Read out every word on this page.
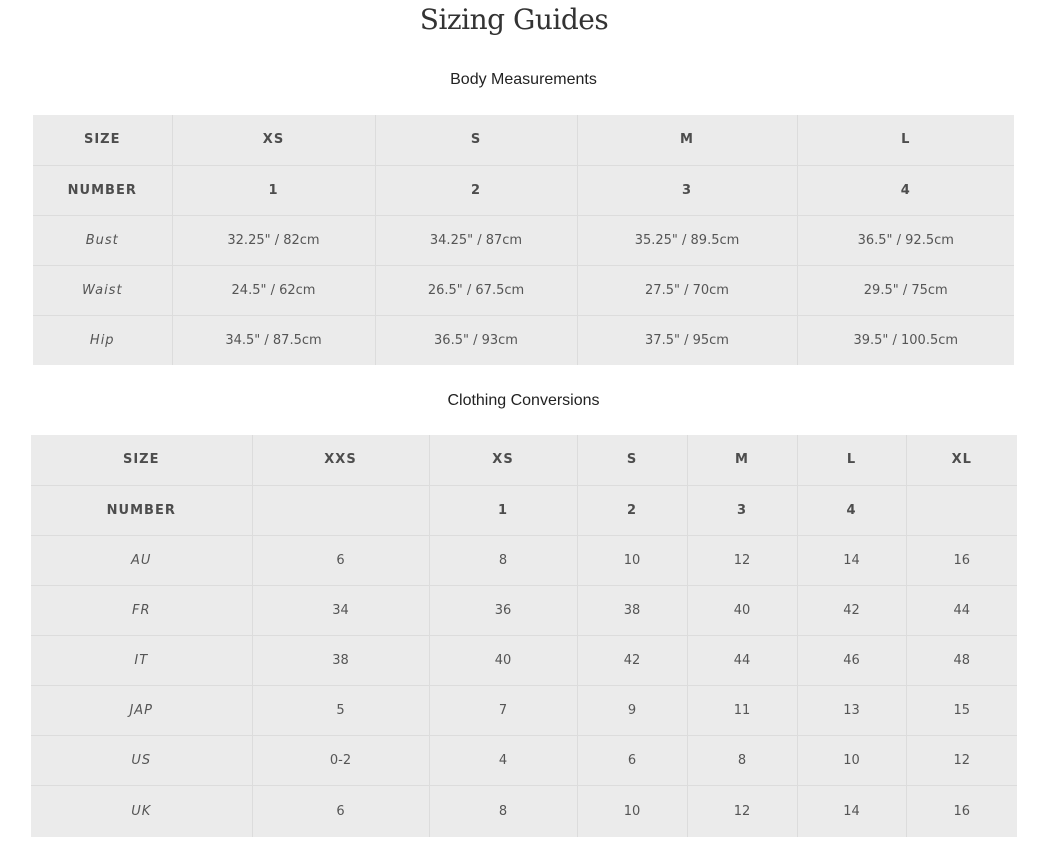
Sizing Guides
Body Measurements
SIZE	XS	S	M	L
NUMBER	1	2	3	4
Bust	32.25" / 82cm	34.25" / 87cm	35.25" / 89.5cm	36.5" / 92.5cm
Waist	24.5" / 62cm	26.5" / 67.5cm	27.5" / 70cm	29.5" / 75cm
Hip	34.5" / 87.5cm	36.5" / 93cm	37.5" / 95cm	39.5" / 100.5cm
Clothing Conversions
SIZE	XXS	XS	S	M	L	XL
NUMBER		1	2	3	4	
AU	6	8	10	12	14	16
FR	34	36	38	40	42	44
IT	38	40	42	44	46	48
JAP	5	7	9	11	13	15
US	0-2	4	6	8	10	12
UK	6	8	10	12	14	16
